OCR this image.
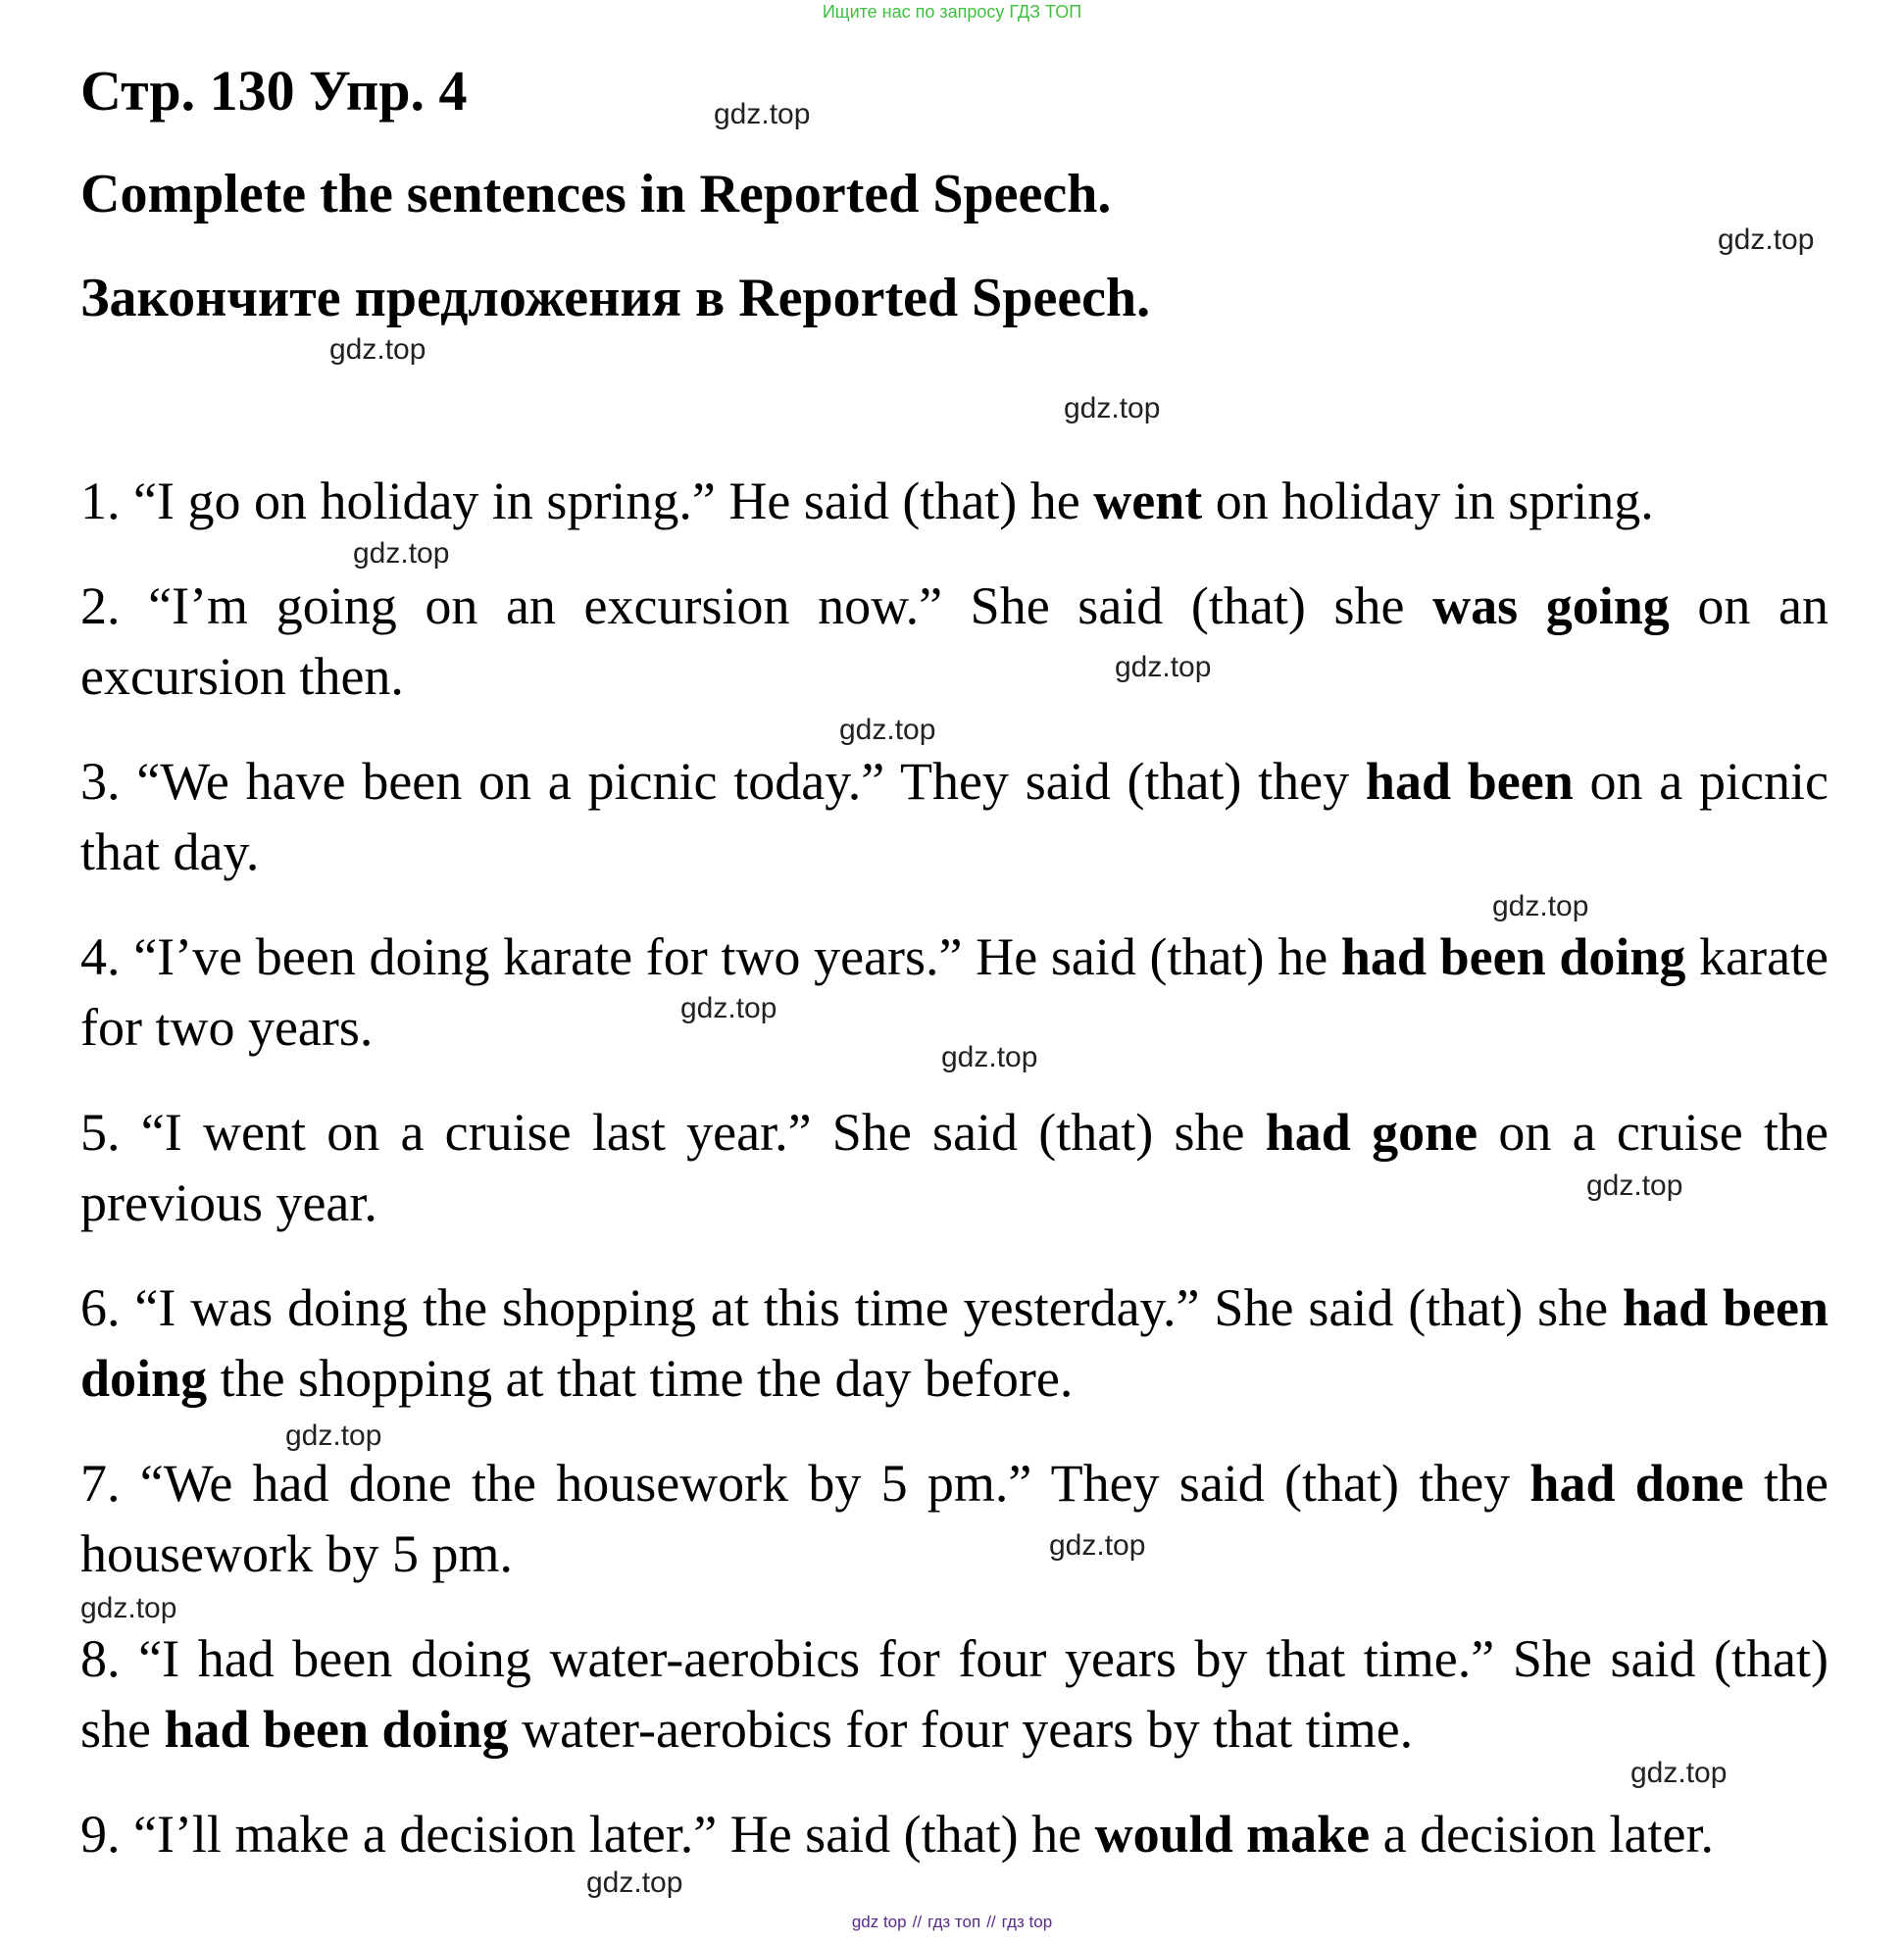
Ищите нас по запросу ГДЗ ТОП
Стр. 130 Упр. 4
Complete the sentences in Reported Speech.
Закончите предложения в Reported Speech.

1. “I go on holiday in spring.” He said (that) he went on holiday in spring.

2. “I’m going on an excursion now.” She said (that) she was going on an excursion then.

3. “We have been on a picnic today.” They said (that) they had been on a picnic that day.

4. “I’ve been doing karate for two years.” He said (that) he had been doing karate for two years.

5. “I went on a cruise last year.” She said (that) she had gone on a cruise the previous year.

6. “I was doing the shopping at this time yesterday.” She said (that) she had been doing the shopping at that time the day before.

7. “We had done the housework by 5 pm.” They said (that) they had done the housework by 5 pm.

8. “I had been doing water-aerobics for four years by that time.” She said (that) she had been doing water-aerobics for four years by that time.

9. “I’ll make a decision later.” He said (that) he would make a decision later.

gdz.top
gdz.top
gdz.top
gdz.top
gdz.top
gdz.top
gdz.top
gdz.top
gdz.top
gdz.top
gdz.top
gdz.top
gdz.top
gdz.top
gdz.top
gdz.top
gdz top // гдз топ // гдз top
